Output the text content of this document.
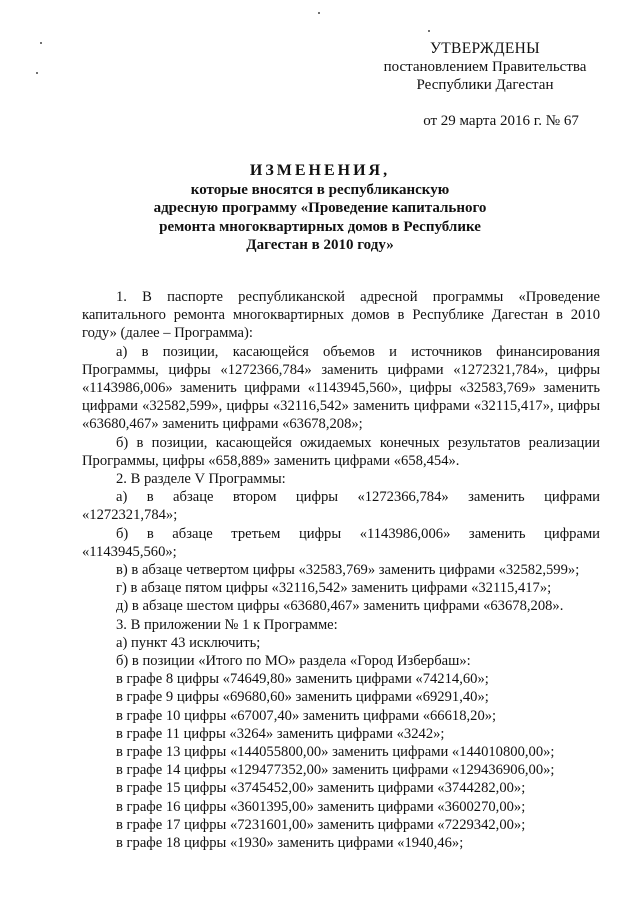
УТВЕРЖДЕНЫ
постановлением Правительства
Республики Дагестан
от 29 марта 2016 г. № 67
ИЗМЕНЕНИЯ,
которые вносятся в республиканскую
адресную программу «Проведение капитального
ремонта многоквартирных домов в Республике
Дагестан в 2010 году»

1. В паспорте республиканской адресной программы «Проведение капитального ремонта многоквартирных домов в Республике Дагестан в 2010 году» (далее – Программа):

а) в позиции, касающейся объемов и источников финансирования Программы, цифры «1272366,784» заменить цифрами «1272321,784», цифры «1143986,006» заменить цифрами «1143945,560», цифры «32583,769» заменить цифрами «32582,599», цифры «32116,542» заменить цифрами «32115,417», цифры «63680,467» заменить цифрами «63678,208»;

б) в позиции, касающейся ожидаемых конечных результатов реализации Программы, цифры «658,889» заменить цифрами «658,454».

2. В разделе V Программы:

а) в абзаце втором цифры «1272366,784» заменить цифрами

«1272321,784»;

б) в абзаце третьем цифры «1143986,006» заменить цифрами

«1143945,560»;

в) в абзаце четвертом цифры «32583,769» заменить цифрами «32582,599»;

г) в абзаце пятом цифры «32116,542» заменить цифрами «32115,417»;

д) в абзаце шестом цифры «63680,467» заменить цифрами «63678,208».

3. В приложении № 1 к Программе:

а) пункт 43 исключить;

б) в позиции «Итого по МО» раздела «Город Избербаш»:

в графе 8 цифры «74649,80» заменить цифрами «74214,60»;

в графе 9 цифры «69680,60» заменить цифрами «69291,40»;

в графе 10 цифры «67007,40» заменить цифрами «66618,20»;

в графе 11 цифры «3264» заменить цифрами «3242»;

в графе 13 цифры «144055800,00» заменить цифрами «144010800,00»;

в графе 14 цифры «129477352,00» заменить цифрами «129436906,00»;

в графе 15 цифры «3745452,00» заменить цифрами «3744282,00»;

в графе 16 цифры «3601395,00» заменить цифрами «3600270,00»;

в графе 17 цифры «7231601,00» заменить цифрами «7229342,00»;

в графе 18 цифры «1930» заменить цифрами «1940,46»;
